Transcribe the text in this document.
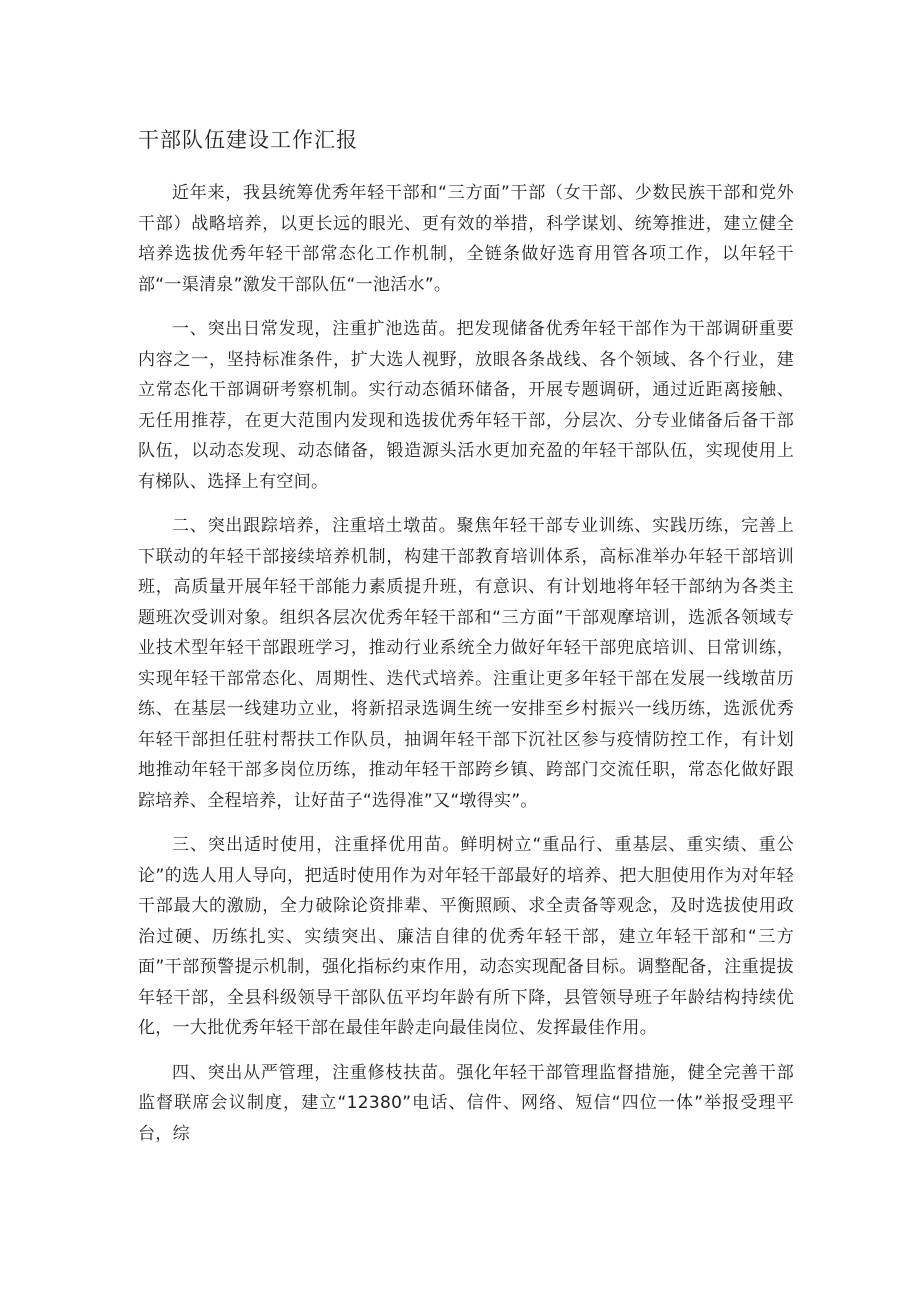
干部队伍建设工作汇报

近年来，我县统筹优秀年轻干部和“三方面”干部（女干部、少数民族干部和党外干部）战略培养，以更长远的眼光、更有效的举措，科学谋划、统筹推进，建立健全培养选拔优秀年轻干部常态化工作机制，全链条做好选育用管各项工作，以年轻干部“一渠清泉”激发干部队伍“一池活水”。

一、突出日常发现，注重扩池选苗。把发现储备优秀年轻干部作为干部调研重要内容之一，坚持标准条件，扩大选人视野，放眼各条战线、各个领域、各个行业，建立常态化干部调研考察机制。实行动态循环储备，开展专题调研，通过近距离接触、无任用推荐，在更大范围内发现和选拔优秀年轻干部，分层次、分专业储备后备干部队伍，以动态发现、动态储备，锻造源头活水更加充盈的年轻干部队伍，实现使用上有梯队、选择上有空间。

二、突出跟踪培养，注重培土墩苗。聚焦年轻干部专业训练、实践历练，完善上下联动的年轻干部接续培养机制，构建干部教育培训体系，高标准举办年轻干部培训班，高质量开展年轻干部能力素质提升班，有意识、有计划地将年轻干部纳为各类主题班次受训对象。组织各层次优秀年轻干部和“三方面”干部观摩培训，选派各领域专业技术型年轻干部跟班学习，推动行业系统全力做好年轻干部兜底培训、日常训练，实现年轻干部常态化、周期性、迭代式培养。注重让更多年轻干部在发展一线墩苗历练、在基层一线建功立业，将新招录选调生统一安排至乡村振兴一线历练，选派优秀年轻干部担任驻村帮扶工作队员，抽调年轻干部下沉社区参与疫情防控工作，有计划地推动年轻干部多岗位历练，推动年轻干部跨乡镇、跨部门交流任职，常态化做好跟踪培养、全程培养，让好苗子“选得准”又“墩得实”。

三、突出适时使用，注重择优用苗。鲜明树立“重品行、重基层、重实绩、重公论”的选人用人导向，把适时使用作为对年轻干部最好的培养、把大胆使用作为对年轻干部最大的激励，全力破除论资排辈、平衡照顾、求全责备等观念，及时选拔使用政治过硬、历练扎实、实绩突出、廉洁自律的优秀年轻干部，建立年轻干部和“三方面”干部预警提示机制，强化指标约束作用，动态实现配备目标。调整配备，注重提拔年轻干部，全县科级领导干部队伍平均年龄有所下降，县管领导班子年龄结构持续优化，一大批优秀年轻干部在最佳年龄走向最佳岗位、发挥最佳作用。

四、突出从严管理，注重修枝扶苗。强化年轻干部管理监督措施，健全完善干部监督联席会议制度，建立“12380”电话、信件、网络、短信“四位一体”举报受理平台，综
